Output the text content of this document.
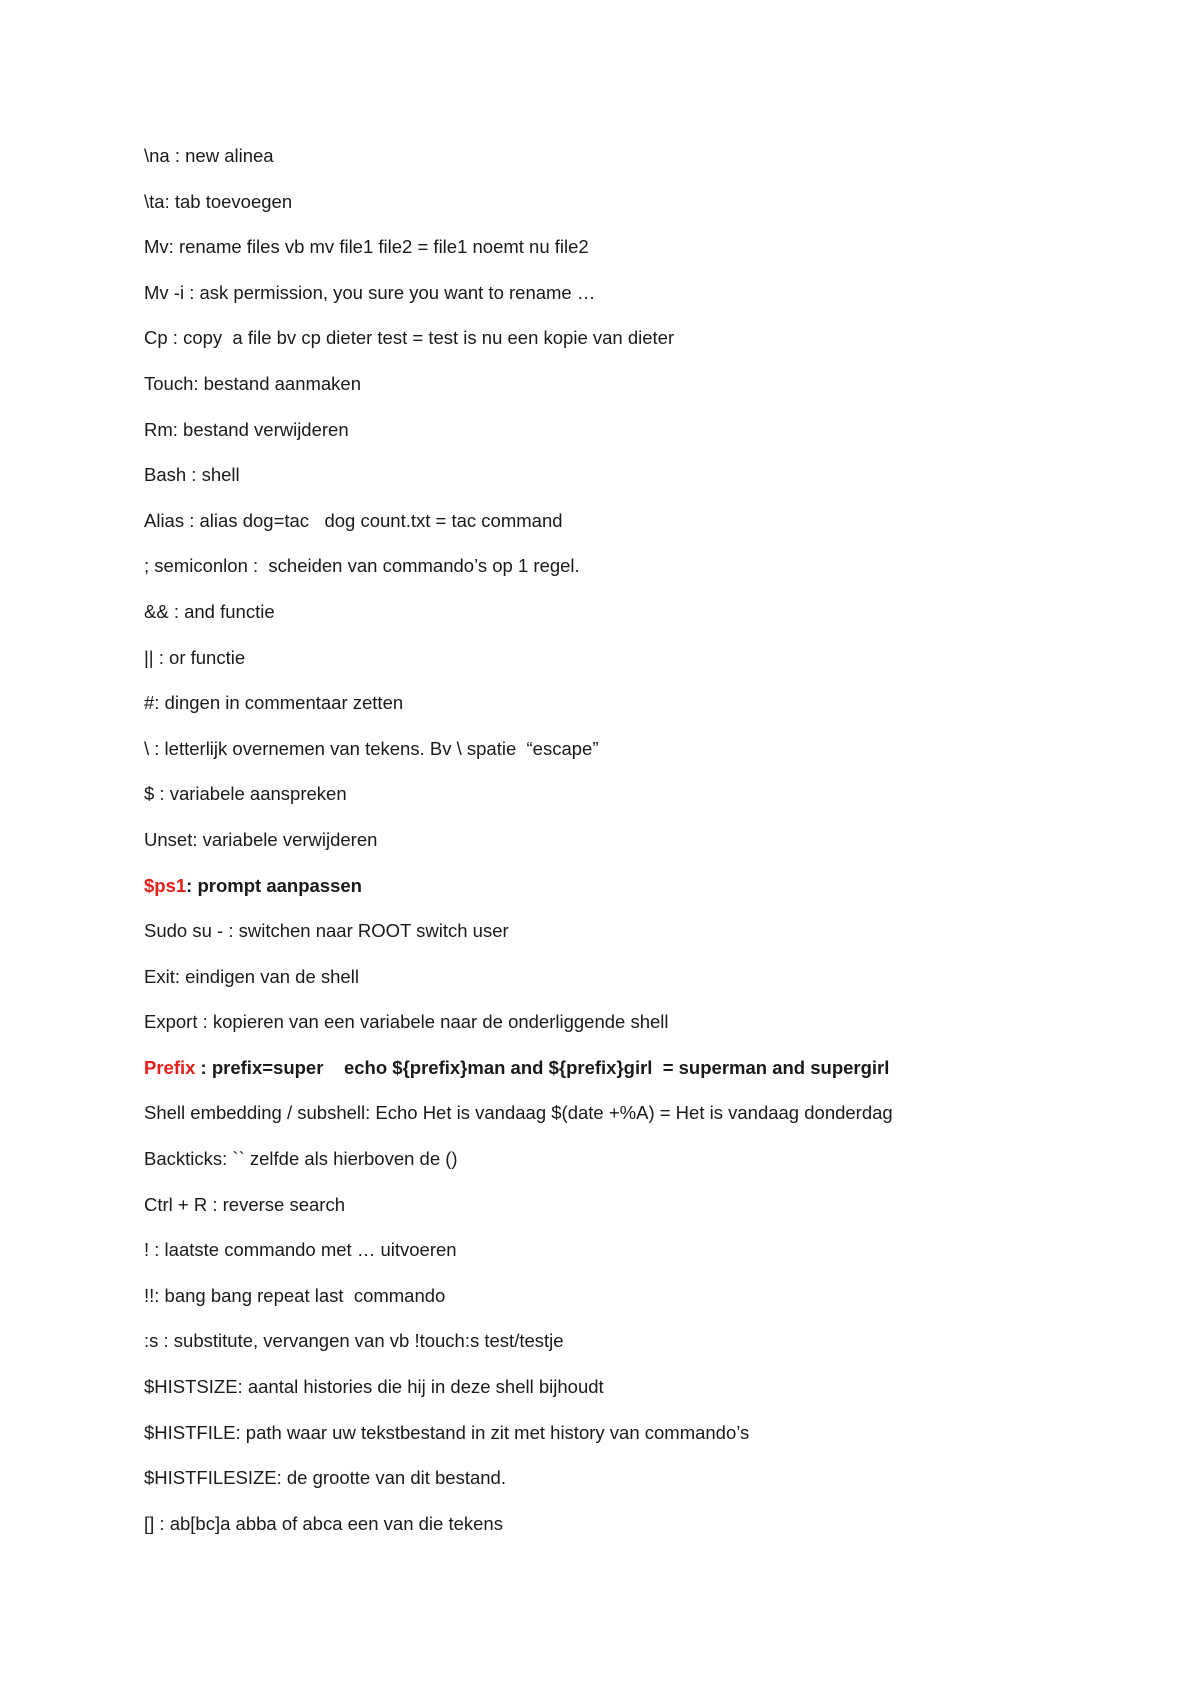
\na : new alinea
\ta: tab toevoegen
Mv: rename files vb mv file1 file2 = file1 noemt nu file2
Mv -i : ask permission, you sure you want to rename …
Cp : copy  a file bv cp dieter test = test is nu een kopie van dieter
Touch: bestand aanmaken
Rm: bestand verwijderen
Bash : shell
Alias : alias dog=tac   dog count.txt = tac command
; semiconlon :  scheiden van commando’s op 1 regel.
&& : and functie
|| : or functie
#: dingen in commentaar zetten
\ : letterlijk overnemen van tekens. Bv \ spatie  “escape”
$ : variabele aanspreken
Unset: variabele verwijderen
$ps1: prompt aanpassen
Sudo su - : switchen naar ROOT switch user
Exit: eindigen van de shell
Export : kopieren van een variabele naar de onderliggende shell
Prefix : prefix=super    echo ${prefix}man and ${prefix}girl  = superman and supergirl
Shell embedding / subshell: Echo Het is vandaag $(date +%A) = Het is vandaag donderdag
Backticks: `` zelfde als hierboven de ()
Ctrl + R : reverse search
! : laatste commando met … uitvoeren
!!: bang bang repeat last  commando
:s : substitute, vervangen van vb !touch:s test/testje
$HISTSIZE: aantal histories die hij in deze shell bijhoudt
$HISTFILE: path waar uw tekstbestand in zit met history van commando’s
$HISTFILESIZE: de grootte van dit bestand.
[] : ab[bc]a abba of abca een van die tekens
